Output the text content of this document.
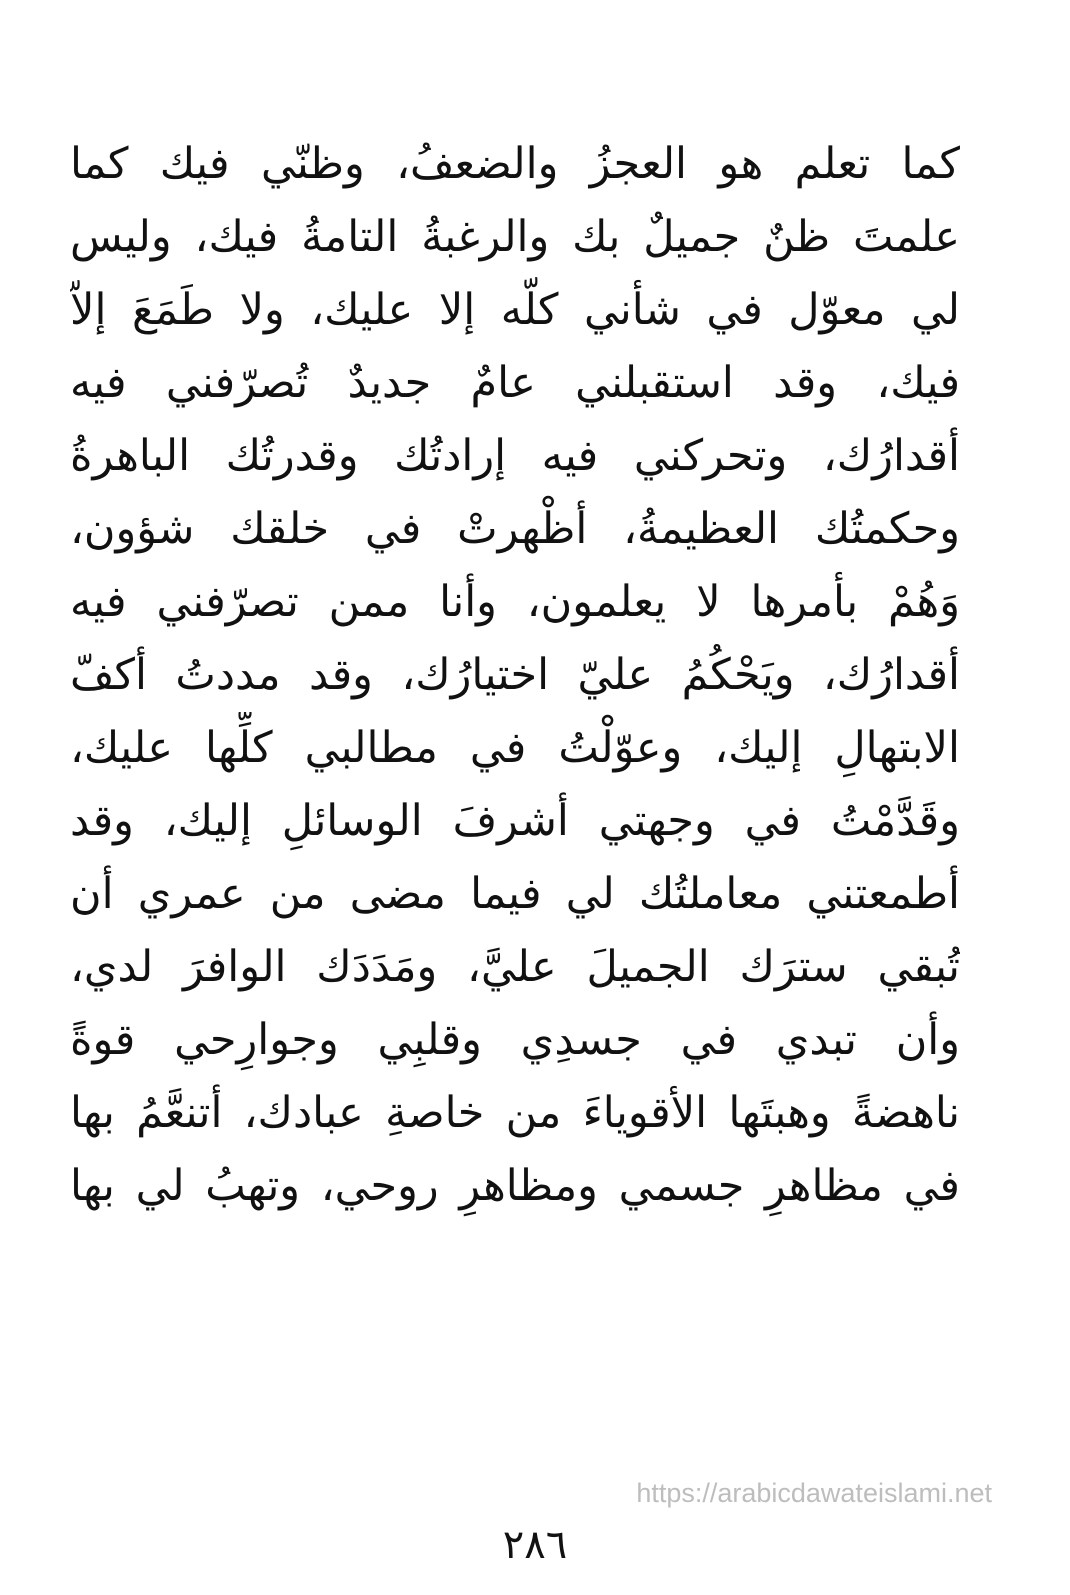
كما تعلم هو العجزُ والضعفُ، وظنّي فيك كما
علمتَ ظنٌ جميلٌ بك والرغبةُ التامةُ فيك، وليس
لي معوّل في شأني كلّه إلا عليك، ولا طَمَعَ إلاّ
فيك، وقد استقبلني عامٌ جديدٌ تُصرّفني فيه
أقدارُك، وتحركني فيه إرادتُك وقدرتُك الباهرةُ
وحكمتُك العظيمةُ، أظْهرتْ في خلقك شؤون،
وَهُمْ بأمرها لا يعلمون، وأنا ممن تصرّفني فيه
أقدارُك، ويَحْكُمُ عليّ اختيارُك، وقد مددتُ أكفّ
الابتهالِ إليك، وعوّلْتُ في مطالبي كلِّها عليك،
وقَدَّمْتُ في وجهتي أشرفَ الوسائلِ إليك، وقد
أطمعتني معاملتُك لي فيما مضى من عمري أن
تُبقي سترَك الجميلَ عليَّ، ومَدَدَك الوافرَ لدي،
وأن تبدي في جسدِي وقلبِي وجوارِحي قوةً
ناهضةً وهبتَها الأقوياءَ من خاصةِ عبادك، أتنعَّمُ بها
في مظاهرِ جسمي ومظاهرِ روحي، وتهبُ لي بها
https://arabicdawateislami.net
٢٨٦
